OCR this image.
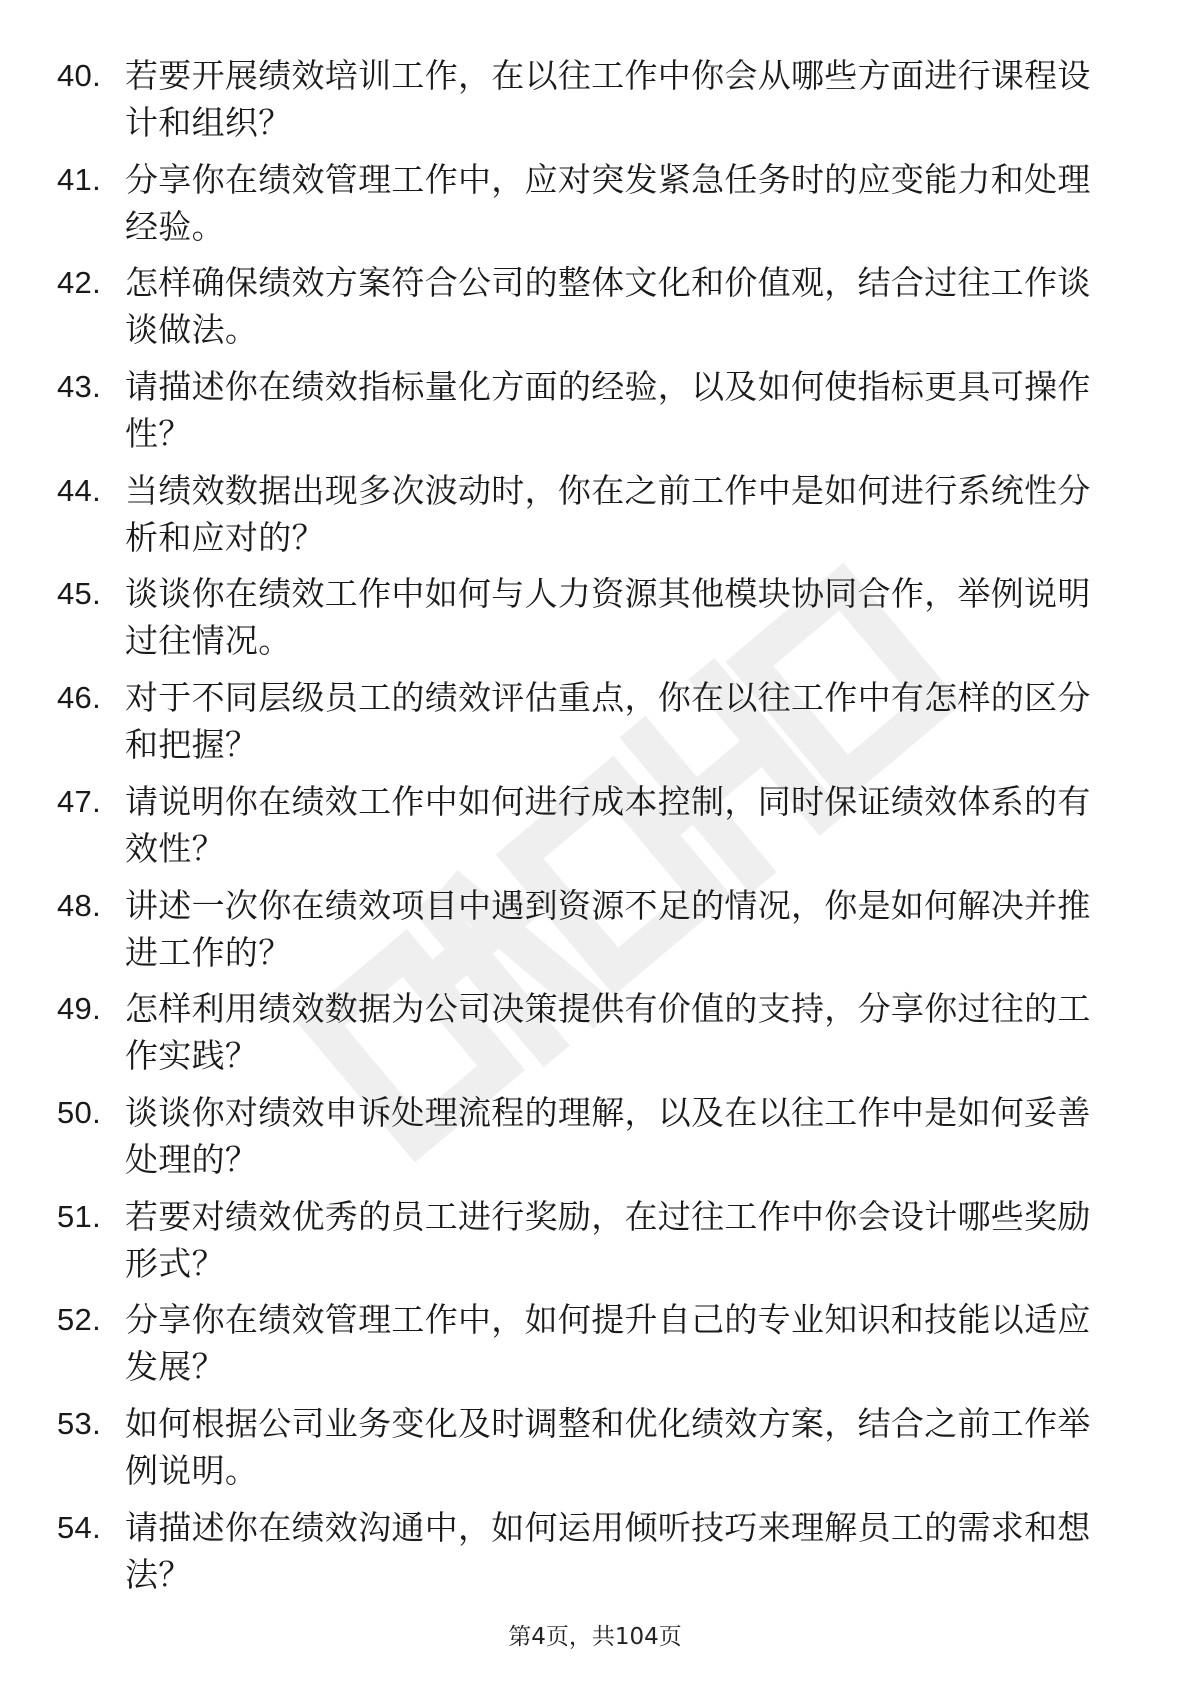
40. 若要开展绩效培训工作，在以往工作中你会从哪些方面进行课程设计和组织？
41. 分享你在绩效管理工作中，应对突发紧急任务时的应变能力和处理经验。
42. 怎样确保绩效方案符合公司的整体文化和价值观，结合过往工作谈谈做法。
43. 请描述你在绩效指标量化方面的经验，以及如何使指标更具可操作性？
44. 当绩效数据出现多次波动时，你在之前工作中是如何进行系统性分析和应对的？
45. 谈谈你在绩效工作中如何与人力资源其他模块协同合作，举例说明过往情况。
46. 对于不同层级员工的绩效评估重点，你在以往工作中有怎样的区分和把握？
47. 请说明你在绩效工作中如何进行成本控制，同时保证绩效体系的有效性？
48. 讲述一次你在绩效项目中遇到资源不足的情况，你是如何解决并推进工作的？
49. 怎样利用绩效数据为公司决策提供有价值的支持，分享你过往的工作实践？
50. 谈谈你对绩效申诉处理流程的理解，以及在以往工作中是如何妥善处理的？
51. 若要对绩效优秀的员工进行奖励，在过往工作中你会设计哪些奖励形式？
52. 分享你在绩效管理工作中，如何提升自己的专业知识和技能以适应发展？
53. 如何根据公司业务变化及时调整和优化绩效方案，结合之前工作举例说明。
54. 请描述你在绩效沟通中，如何运用倾听技巧来理解员工的需求和想法？
第4页，共104页
